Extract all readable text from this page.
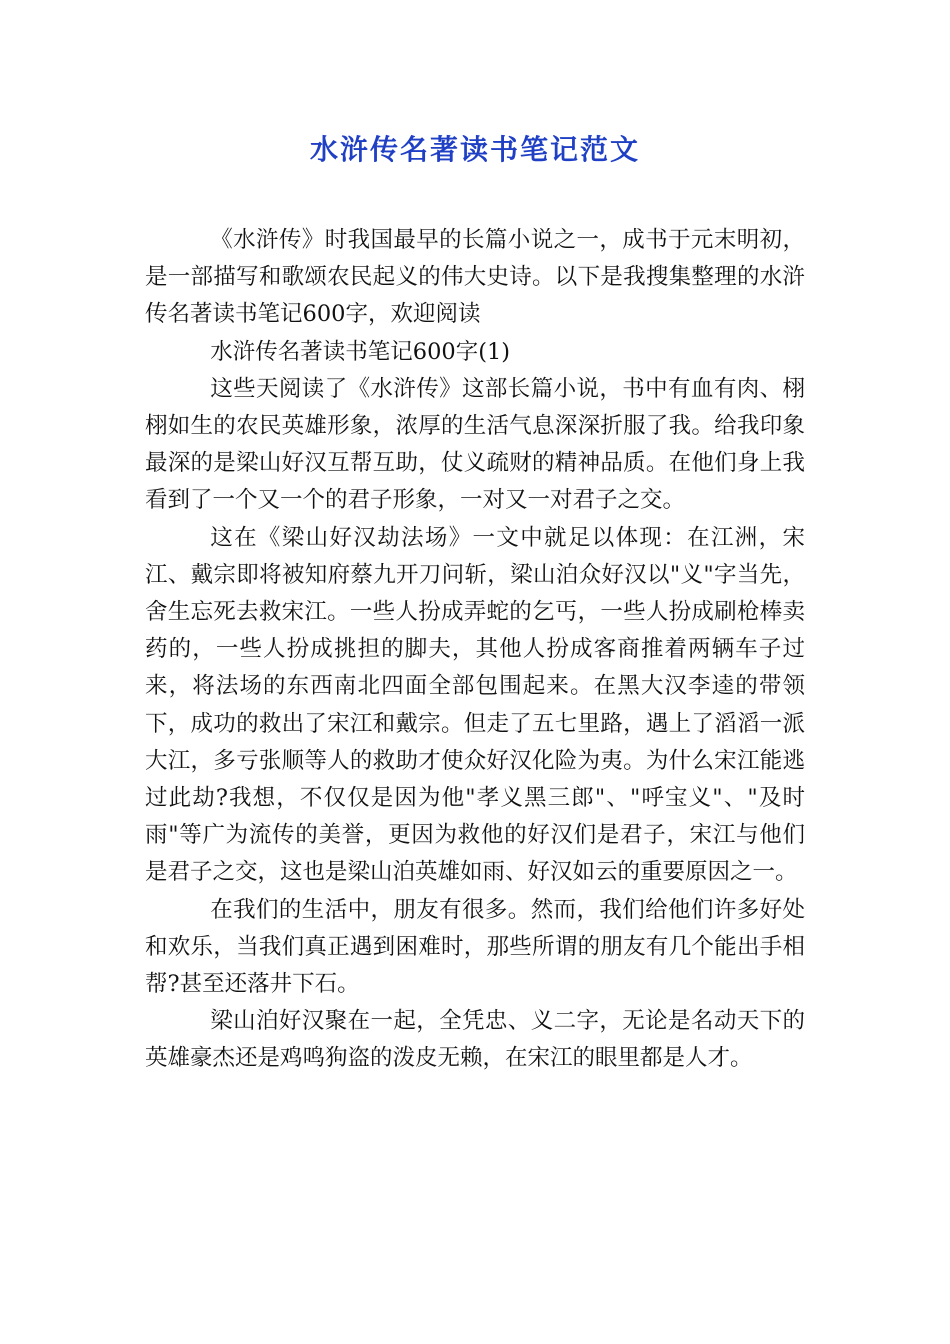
水浒传名著读书笔记范文

《水浒传》时我国最早的长篇小说之一，成书于元末明初，是一部描写和歌颂农民起义的伟大史诗。以下是我搜集整理的水浒传名著读书笔记600字，欢迎阅读

水浒传名著读书笔记600字(1)

这些天阅读了《水浒传》这部长篇小说，书中有血有肉、栩栩如生的农民英雄形象，浓厚的生活气息深深折服了我。给我印象最深的是梁山好汉互帮互助，仗义疏财的精神品质。在他们身上我看到了一个又一个的君子形象，一对又一对君子之交。

这在《梁山好汉劫法场》一文中就足以体现：在江洲，宋江、戴宗即将被知府蔡九开刀问斩，梁山泊众好汉以"义"字当先，舍生忘死去救宋江。一些人扮成弄蛇的乞丐，一些人扮成刷枪棒卖药的，一些人扮成挑担的脚夫，其他人扮成客商推着两辆车子过来，将法场的东西南北四面全部包围起来。在黑大汉李逵的带领下，成功的救出了宋江和戴宗。但走了五七里路，遇上了滔滔一派大江，多亏张顺等人的救助才使众好汉化险为夷。为什么宋江能逃过此劫?我想，不仅仅是因为他"孝义黑三郎"、"呼宝义"、"及时雨"等广为流传的美誉，更因为救他的好汉们是君子，宋江与他们是君子之交，这也是梁山泊英雄如雨、好汉如云的重要原因之一。

在我们的生活中，朋友有很多。然而，我们给他们许多好处和欢乐，当我们真正遇到困难时，那些所谓的朋友有几个能出手相帮?甚至还落井下石。

梁山泊好汉聚在一起，全凭忠、义二字，无论是名动天下的英雄豪杰还是鸡鸣狗盗的泼皮无赖，在宋江的眼里都是人才。
